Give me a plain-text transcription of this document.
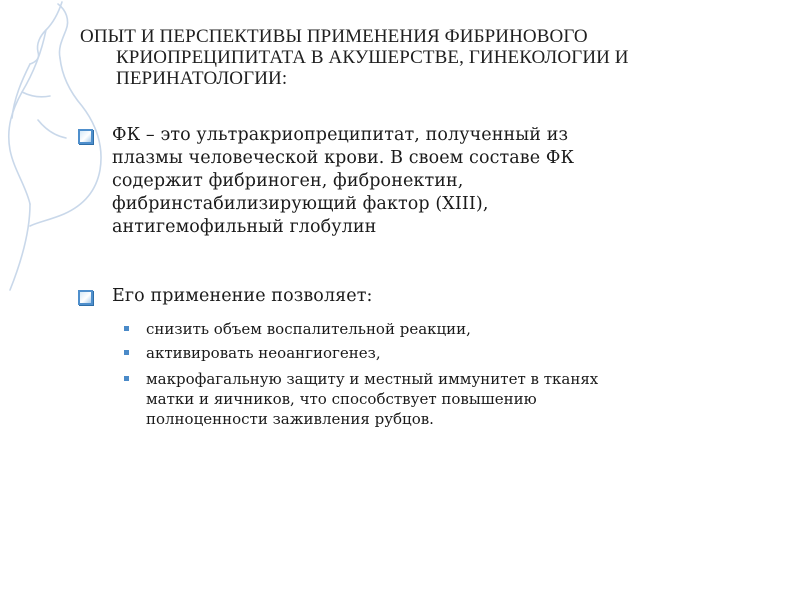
ОПЫТ И ПЕРСПЕКТИВЫ ПРИМЕНЕНИЯ ФИБРИНОВОГО
КРИОПРЕЦИПИТАТА В АКУШЕРСТВЕ, ГИНЕКОЛОГИИ И
ПЕРИНАТОЛОГИИ:
ФК – это ультракриопреципитат, полученный из
плазмы человеческой крови. В своем составе ФК
содержит фибриноген, фибронектин,
фибринстабилизирующий фактор (XIII),
антигемофильный глобулин
Его применение позволяет:
снизить объем воспалительной реакции,
активировать неоангиогенез,
макрофагальную защиту и местный иммунитет в тканях
матки и яичников, что способствует повышению
полноценности заживления рубцов.
